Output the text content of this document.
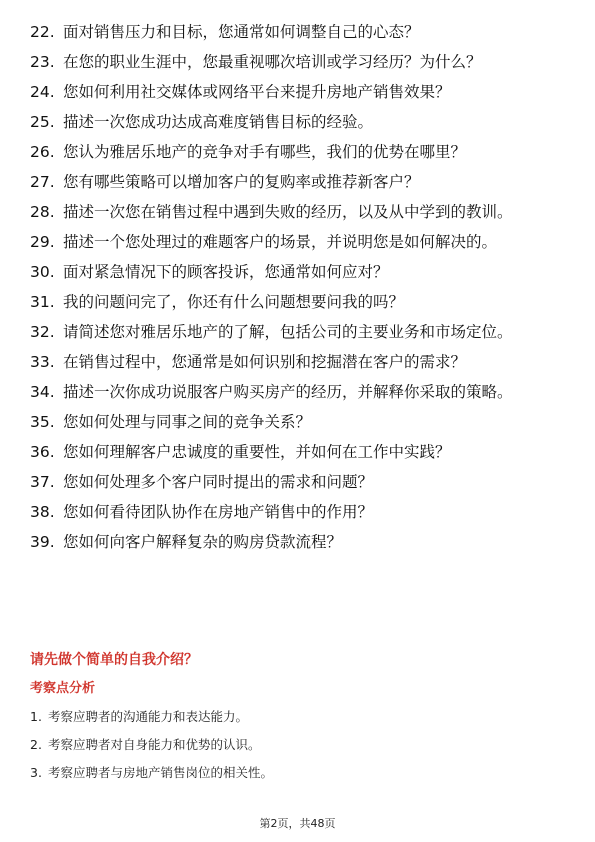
22. 面对销售压力和目标，您通常如何调整自己的心态？
23. 在您的职业生涯中，您最重视哪次培训或学习经历？为什么？
24. 您如何利用社交媒体或网络平台来提升房地产销售效果？
25. 描述一次您成功达成高难度销售目标的经验。
26. 您认为雅居乐地产的竞争对手有哪些，我们的优势在哪里？
27. 您有哪些策略可以增加客户的复购率或推荐新客户？
28. 描述一次您在销售过程中遇到失败的经历，以及从中学到的教训。
29. 描述一个您处理过的难题客户的场景，并说明您是如何解决的。
30. 面对紧急情况下的顾客投诉，您通常如何应对？
31. 我的问题问完了，你还有什么问题想要问我的吗？
32. 请简述您对雅居乐地产的了解，包括公司的主要业务和市场定位。
33. 在销售过程中，您通常是如何识别和挖掘潜在客户的需求？
34. 描述一次你成功说服客户购买房产的经历，并解释你采取的策略。
35. 您如何处理与同事之间的竞争关系？
36. 您如何理解客户忠诚度的重要性，并如何在工作中实践？
37. 您如何处理多个客户同时提出的需求和问题？
38. 您如何看待团队协作在房地产销售中的作用？
39. 您如何向客户解释复杂的购房贷款流程？
请先做个简单的自我介绍？
考察点分析
1. 考察应聘者的沟通能力和表达能力。
2. 考察应聘者对自身能力和优势的认识。
3. 考察应聘者与房地产销售岗位的相关性。
第2页，共48页
